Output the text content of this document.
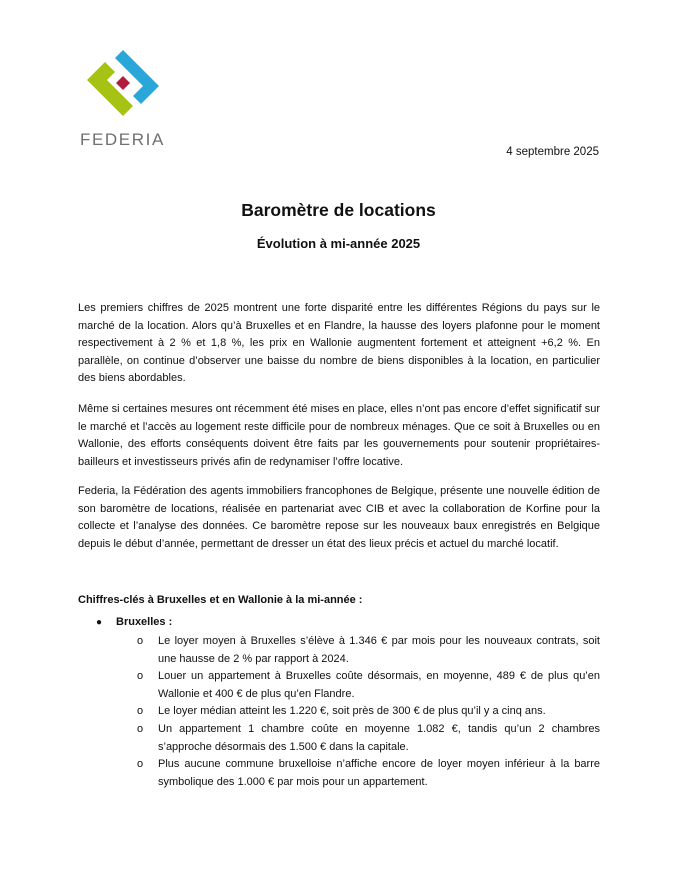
FEDERIA
4 septembre 2025
Baromètre de locations
Évolution à mi-année 2025

Les premiers chiffres de 2025 montrent une forte disparité entre les différentes Régions du pays sur le marché de la location. Alors qu’à Bruxelles et en Flandre, la hausse des loyers plafonne pour le moment respectivement à 2 % et 1,8 %, les prix en Wallonie augmentent fortement et atteignent +6,2 %. En parallèle, on continue d’observer une baisse du nombre de biens disponibles à la location, en particulier des biens abordables.

Même si certaines mesures ont récemment été mises en place, elles n’ont pas encore d’effet significatif sur le marché et l’accès au logement reste difficile pour de nombreux ménages. Que ce soit à Bruxelles ou en Wallonie, des efforts conséquents doivent être faits par les gouvernements pour soutenir propriétaires-bailleurs et investisseurs privés afin de redynamiser l’offre locative.

Federia, la Fédération des agents immobiliers francophones de Belgique, présente une nouvelle édition de son baromètre de locations, réalisée en partenariat avec CIB et avec la collaboration de Korfine pour la collecte et l’analyse des données. Ce baromètre repose sur les nouveaux baux enregistrés en Belgique depuis le début d’année, permettant de dresser un état des lieux précis et actuel du marché locatif.

Chiffres-clés à Bruxelles et en Wallonie à la mi-année :
● Bruxelles :
o Le loyer moyen à Bruxelles s’élève à 1.346 € par mois pour les nouveaux contrats, soit une hausse de 2 % par rapport à 2024.
o Louer un appartement à Bruxelles coûte désormais, en moyenne, 489 € de plus qu’en Wallonie et 400 € de plus qu’en Flandre.
o Le loyer médian atteint les 1.220 €, soit près de 300 € de plus qu’il y a cinq ans.
o Un appartement 1 chambre coûte en moyenne 1.082 €, tandis qu’un 2 chambres s’approche désormais des 1.500 € dans la capitale.
o Plus aucune commune bruxelloise n’affiche encore de loyer moyen inférieur à la barre symbolique des 1.000 € par mois pour un appartement.
